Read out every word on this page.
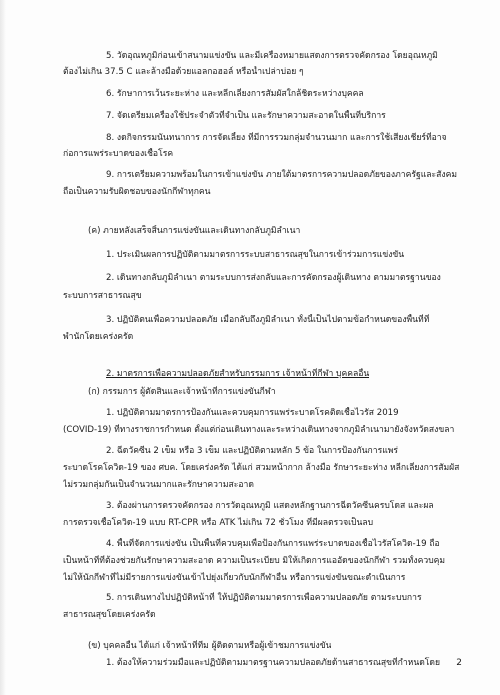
5. วัดอุณหภูมิก่อนเข้าสนามแข่งขัน และมีเครื่องหมายแสดงการตรวจคัดกรอง โดยอุณหภูมิ
ต้องไม่เกิน 37.5 C และล้างมือด้วยแอลกอฮอล์ หรือน้ำเปล่าบ่อย ๆ
6. รักษาการเว้นระยะห่าง และหลีกเลี่ยงการสัมผัสใกล้ชิดระหว่างบุคคล
7. จัดเตรียมเครื่องใช้ประจำตัวที่จำเป็น และรักษาความสะอาดในพื้นที่บริการ
8. งดกิจกรรมนันทนาการ การจัดเลี้ยง ที่มีการรวมกลุ่มจำนวนมาก และการใช้เสียงเชียร์ที่อาจ
ก่อการแพร่ระบาดของเชื้อโรค
9. การเตรียมความพร้อมในการเข้าแข่งขัน ภายใต้มาตรการความปลอดภัยของภาครัฐและสังคม
ถือเป็นความรับผิดชอบของนักกีฬาทุกคน
(ค) ภายหลังเสร็จสิ้นการแข่งขันและเดินทางกลับภูมิลำเนา
1. ประเมินผลการปฏิบัติตามมาตรการระบบสาธารณสุขในการเข้าร่วมการแข่งขัน
2. เดินทางกลับภูมิลำเนา ตามระบบการส่งกลับและการคัดกรองผู้เดินทาง ตามมาตรฐานของ
ระบบการสาธารณสุข
3. ปฏิบัติตนเพื่อความปลอดภัย เมื่อกลับถึงภูมิลำเนา ทั้งนี้เป็นไปตามข้อกำหนดของพื้นที่ที่
พำนักโดยเคร่งครัด
2. มาตรการเพื่อความปลอดภัยสำหรับกรรมการ เจ้าหน้าที่กีฬา บุคคลอื่น
(ก) กรรมการ ผู้ตัดสินและเจ้าหน้าที่การแข่งขันกีฬา
1. ปฏิบัติตามมาตรการป้องกันและควบคุมการแพร่ระบาดโรคติดเชื้อไวรัส 2019
(COVID-19) ที่ทางราชการกำหนด ตั้งแต่ก่อนเดินทางและระหว่างเดินทางจากภูมิลำเนามายังจังหวัดสงขลา
2. ฉีดวัคซีน 2 เข็ม หรือ 3 เข็ม และปฏิบัติตามหลัก 5 ข้อ ในการป้องกันการแพร่
ระบาดโรคโควิด-19 ของ ศบค. โดยเคร่งครัด ได้แก่ สวมหน้ากาก ล้างมือ รักษาระยะห่าง หลีกเลี่ยงการสัมผัส
ไม่รวมกลุ่มกันเป็นจำนวนมากและรักษาความสะอาด
3. ต้องผ่านการตรวจคัดกรอง การวัดอุณหภูมิ แสดงหลักฐานการฉีดวัคซีนครบโดส และผล
การตรวจเชื้อโควิด-19 แบบ RT-CPR หรือ ATK ไม่เกิน 72 ชั่วโมง ที่มีผลตรวจเป็นลบ
4. พื้นที่จัดการแข่งขัน เป็นพื้นที่ควบคุมเพื่อป้องกันการแพร่ระบาดของเชื้อไวรัสโควิด-19 ถือ
เป็นหน้าที่ที่ต้องช่วยกันรักษาความสะอาด ความเป็นระเบียบ มิให้เกิดการแออัดของนักกีฬา รวมทั้งควบคุม
ไม่ให้นักกีฬาที่ไม่มีรายการแข่งขันเข้าไปยุ่งเกี่ยวกับนักกีฬาอื่น หรือการแข่งขันขณะดำเนินการ
5. การเดินทางไปปฏิบัติหน้าที่ ให้ปฏิบัติตามมาตรการเพื่อความปลอดภัย ตามระบบการ
สาธารณสุขโดยเคร่งครัด
(ข) บุคคลอื่น ได้แก่ เจ้าหน้าที่ทีม ผู้ติดตามหรือผู้เข้าชมการแข่งขัน
1. ต้องให้ความร่วมมือและปฏิบัติตามมาตรฐานความปลอดภัยด้านสาธารณสุขที่กำหนดโดย 2
